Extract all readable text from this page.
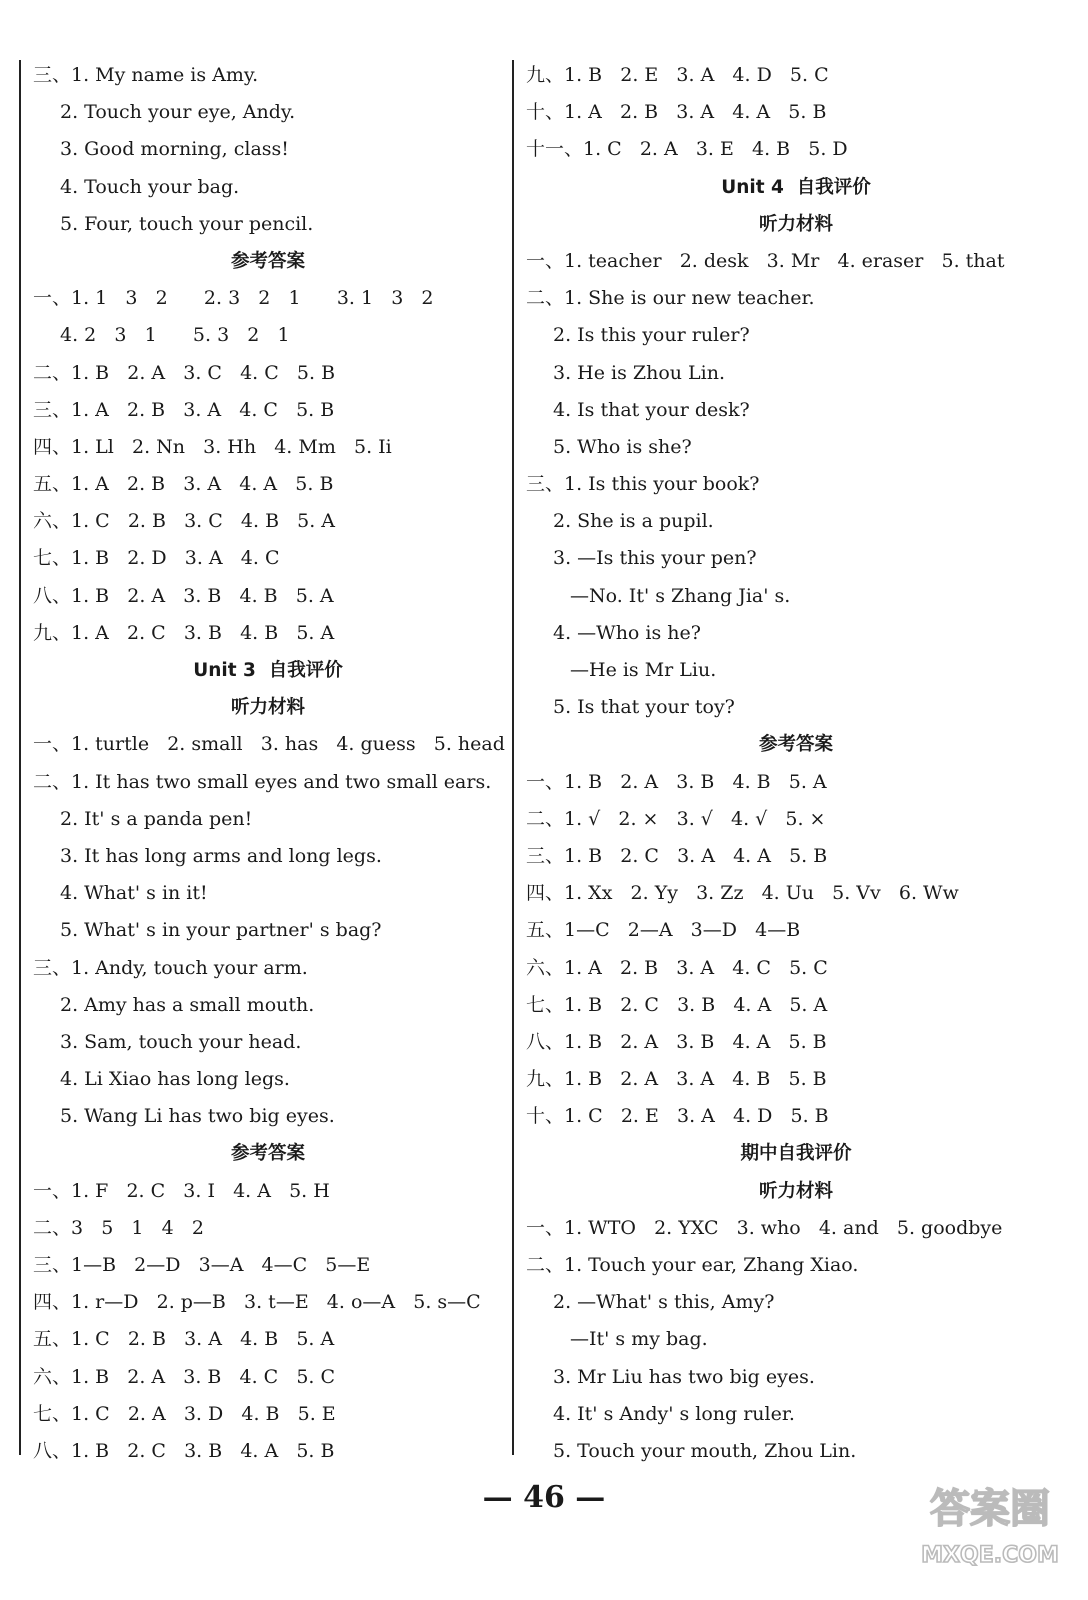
三、1. My name is Amy.
2. Touch your eye, Andy.
3. Good morning, class!
4. Touch your bag.
5. Four, touch your pencil.
参考答案
一、1. 1   3   2      2. 3   2   1      3. 1   3   2
4. 2   3   1      5. 3   2   1
二、1. B   2. A   3. C   4. C   5. B
三、1. A   2. B   3. A   4. C   5. B
四、1. Ll   2. Nn   3. Hh   4. Mm   5. Ii
五、1. A   2. B   3. A   4. A   5. B
六、1. C   2. B   3. C   4. B   5. A
七、1. B   2. D   3. A   4. C
八、1. B   2. A   3. B   4. B   5. A
九、1. A   2. C   3. B   4. B   5. A
Unit 3  自我评价
听力材料
一、1. turtle   2. small   3. has   4. guess   5. head
二、1. It has two small eyes and two small ears.
2. It' s a panda pen!
3. It has long arms and long legs.
4. What' s in it!
5. What' s in your partner' s bag?
三、1. Andy, touch your arm.
2. Amy has a small mouth.
3. Sam, touch your head.
4. Li Xiao has long legs.
5. Wang Li has two big eyes.
参考答案
一、1. F   2. C   3. I   4. A   5. H
二、3   5   1   4   2
三、1—B   2—D   3—A   4—C   5—E
四、1. r—D   2. p—B   3. t—E   4. o—A   5. s—C
五、1. C   2. B   3. A   4. B   5. A
六、1. B   2. A   3. B   4. C   5. C
七、1. C   2. A   3. D   4. B   5. E
八、1. B   2. C   3. B   4. A   5. B
九、1. B   2. E   3. A   4. D   5. C
十、1. A   2. B   3. A   4. A   5. B
十一、1. C   2. A   3. E   4. B   5. D
Unit 4  自我评价
听力材料
一、1. teacher   2. desk   3. Mr   4. eraser   5. that
二、1. She is our new teacher.
2. Is this your ruler?
3. He is Zhou Lin.
4. Is that your desk?
5. Who is she?
三、1. Is this your book?
2. She is a pupil.
3. —Is this your pen?
—No. It' s Zhang Jia' s.
4. —Who is he?
—He is Mr Liu.
5. Is that your toy?
参考答案
一、1. B   2. A   3. B   4. B   5. A
二、1. √   2. ×   3. √   4. √   5. ×
三、1. B   2. C   3. A   4. A   5. B
四、1. Xx   2. Yy   3. Zz   4. Uu   5. Vv   6. Ww
五、1—C   2—A   3—D   4—B
六、1. A   2. B   3. A   4. C   5. C
七、1. B   2. C   3. B   4. A   5. A
八、1. B   2. A   3. B   4. A   5. B
九、1. B   2. A   3. A   4. B   5. B
十、1. C   2. E   3. A   4. D   5. B
期中自我评价
听力材料
一、1. WTO   2. YXC   3. who   4. and   5. goodbye
二、1. Touch your ear, Zhang Xiao.
2. —What' s this, Amy?
—It' s my bag.
3. Mr Liu has two big eyes.
4. It' s Andy' s long ruler.
5. Touch your mouth, Zhou Lin.
— 46 —	答案圈
MXQE.COM
